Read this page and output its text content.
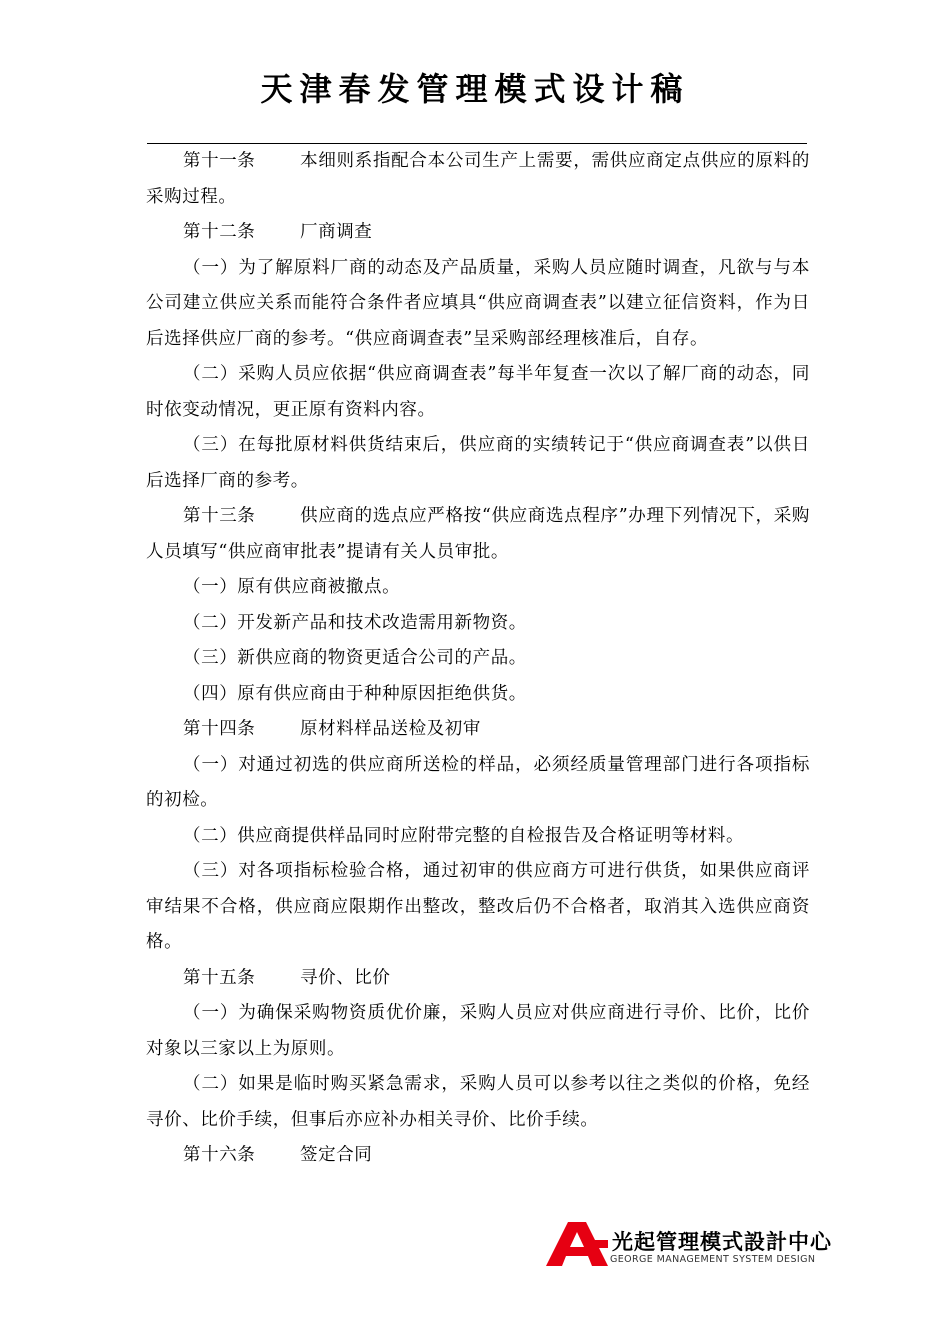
天津春发管理模式设计稿

第十一条	本细则系指配合本公司生产上需要，需供应商定点供应的原料的采购过程。

第十二条	厂商调查

（一）为了解原料厂商的动态及产品质量，采购人员应随时调查，凡欲与与本公司建立供应关系而能符合条件者应填具“供应商调查表”以建立征信资料，作为日后选择供应厂商的参考。“供应商调查表”呈采购部经理核准后，自存。

（二）采购人员应依据“供应商调查表”每半年复查一次以了解厂商的动态，同时依变动情况，更正原有资料内容。

（三）在每批原材料供货结束后，供应商的实绩转记于“供应商调查表”以供日后选择厂商的参考。

第十三条	供应商的选点应严格按“供应商选点程序”办理下列情况下，采购人员填写“供应商审批表”提请有关人员审批。

（一）原有供应商被撤点。

（二）开发新产品和技术改造需用新物资。

（三）新供应商的物资更适合公司的产品。

（四）原有供应商由于种种原因拒绝供货。

第十四条	原材料样品送检及初审

（一）对通过初选的供应商所送检的样品，必须经质量管理部门进行各项指标的初检。

（二）供应商提供样品同时应附带完整的自检报告及合格证明等材料。

（三）对各项指标检验合格，通过初审的供应商方可进行供货，如果供应商评审结果不合格，供应商应限期作出整改，整改后仍不合格者，取消其入选供应商资格。

第十五条	寻价、比价

（一）为确保采购物资质优价廉，采购人员应对供应商进行寻价、比价，比价对象以三家以上为原则。

（二）如果是临时购买紧急需求，采购人员可以参考以往之类似的价格，免经寻价、比价手续，但事后亦应补办相关寻价、比价手续。

第十六条	签定合同

光起管理模式設計中心
GEORGE MANAGEMENT SYSTEM DESIGN
